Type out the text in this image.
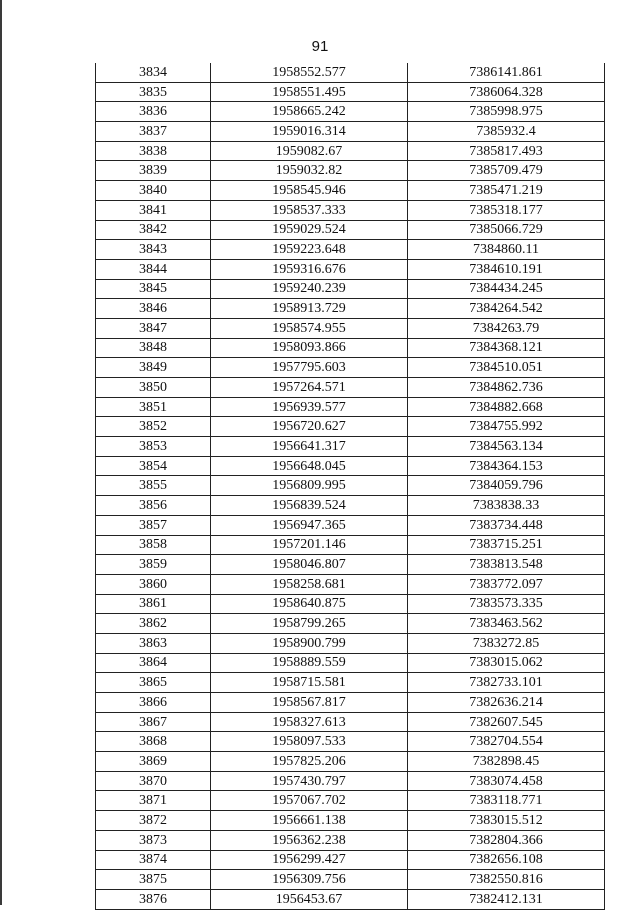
91
3834	1958552.577	7386141.861
3835	1958551.495	7386064.328
3836	1958665.242	7385998.975
3837	1959016.314	7385932.4
3838	1959082.67	7385817.493
3839	1959032.82	7385709.479
3840	1958545.946	7385471.219
3841	1958537.333	7385318.177
3842	1959029.524	7385066.729
3843	1959223.648	7384860.11
3844	1959316.676	7384610.191
3845	1959240.239	7384434.245
3846	1958913.729	7384264.542
3847	1958574.955	7384263.79
3848	1958093.866	7384368.121
3849	1957795.603	7384510.051
3850	1957264.571	7384862.736
3851	1956939.577	7384882.668
3852	1956720.627	7384755.992
3853	1956641.317	7384563.134
3854	1956648.045	7384364.153
3855	1956809.995	7384059.796
3856	1956839.524	7383838.33
3857	1956947.365	7383734.448
3858	1957201.146	7383715.251
3859	1958046.807	7383813.548
3860	1958258.681	7383772.097
3861	1958640.875	7383573.335
3862	1958799.265	7383463.562
3863	1958900.799	7383272.85
3864	1958889.559	7383015.062
3865	1958715.581	7382733.101
3866	1958567.817	7382636.214
3867	1958327.613	7382607.545
3868	1958097.533	7382704.554
3869	1957825.206	7382898.45
3870	1957430.797	7383074.458
3871	1957067.702	7383118.771
3872	1956661.138	7383015.512
3873	1956362.238	7382804.366
3874	1956299.427	7382656.108
3875	1956309.756	7382550.816
3876	1956453.67	7382412.131
